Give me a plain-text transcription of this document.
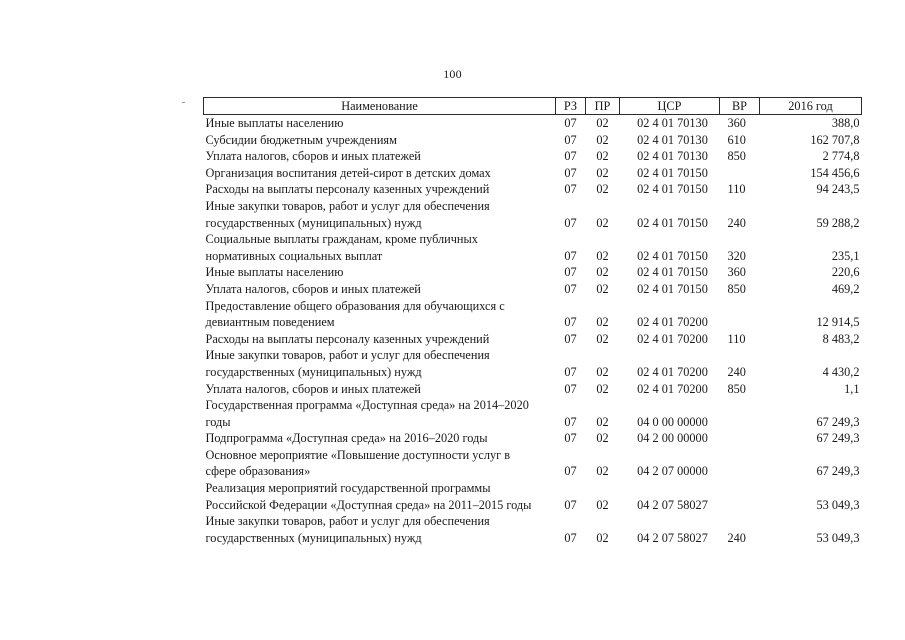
100
Наименование	РЗ	ПР	ЦСР	ВР	2016 год

Иные выплаты населению	07	02	02 4 01 70130	360	388,0

Субсидии бюджетным учреждениям	07	02	02 4 01 70130	610	162 707,8

Уплата налогов, сборов и иных платежей	07	02	02 4 01 70130	850	2 774,8

Организация воспитания детей-сирот в детских домах	07	02	02 4 01 70150		154 456,6

Расходы на выплаты персоналу казенных учреждений	07	02	02 4 01 70150	110	94 243,5

Иные закупки товаров, работ и услуг для обеспечения
государственных (муниципальных) нужд	07	02	02 4 01 70150	240	59 288,2

Социальные выплаты гражданам, кроме публичных
нормативных социальных выплат	07	02	02 4 01 70150	320	235,1

Иные выплаты населению	07	02	02 4 01 70150	360	220,6

Уплата налогов, сборов и иных платежей	07	02	02 4 01 70150	850	469,2

Предоставление общего образования для обучающихся с
девиантным поведением	07	02	02 4 01 70200		12 914,5

Расходы на выплаты персоналу казенных учреждений	07	02	02 4 01 70200	110	8 483,2

Иные закупки товаров, работ и услуг для обеспечения
государственных (муниципальных) нужд	07	02	02 4 01 70200	240	4 430,2

Уплата налогов, сборов и иных платежей	07	02	02 4 01 70200	850	1,1

Государственная программа «Доступная среда» на 2014–2020
годы	07	02	04 0 00 00000		67 249,3

Подпрограмма «Доступная среда» на 2016–2020 годы	07	02	04 2 00 00000		67 249,3

Основное мероприятие «Повышение доступности услуг в
сфере образования»	07	02	04 2 07 00000		67 249,3

Реализация мероприятий государственной программы
Российской Федерации «Доступная среда» на 2011–2015 годы	07	02	04 2 07 58027		53 049,3

Иные закупки товаров, работ и услуг для обеспечения
государственных (муниципальных) нужд	07	02	04 2 07 58027	240	53 049,3
